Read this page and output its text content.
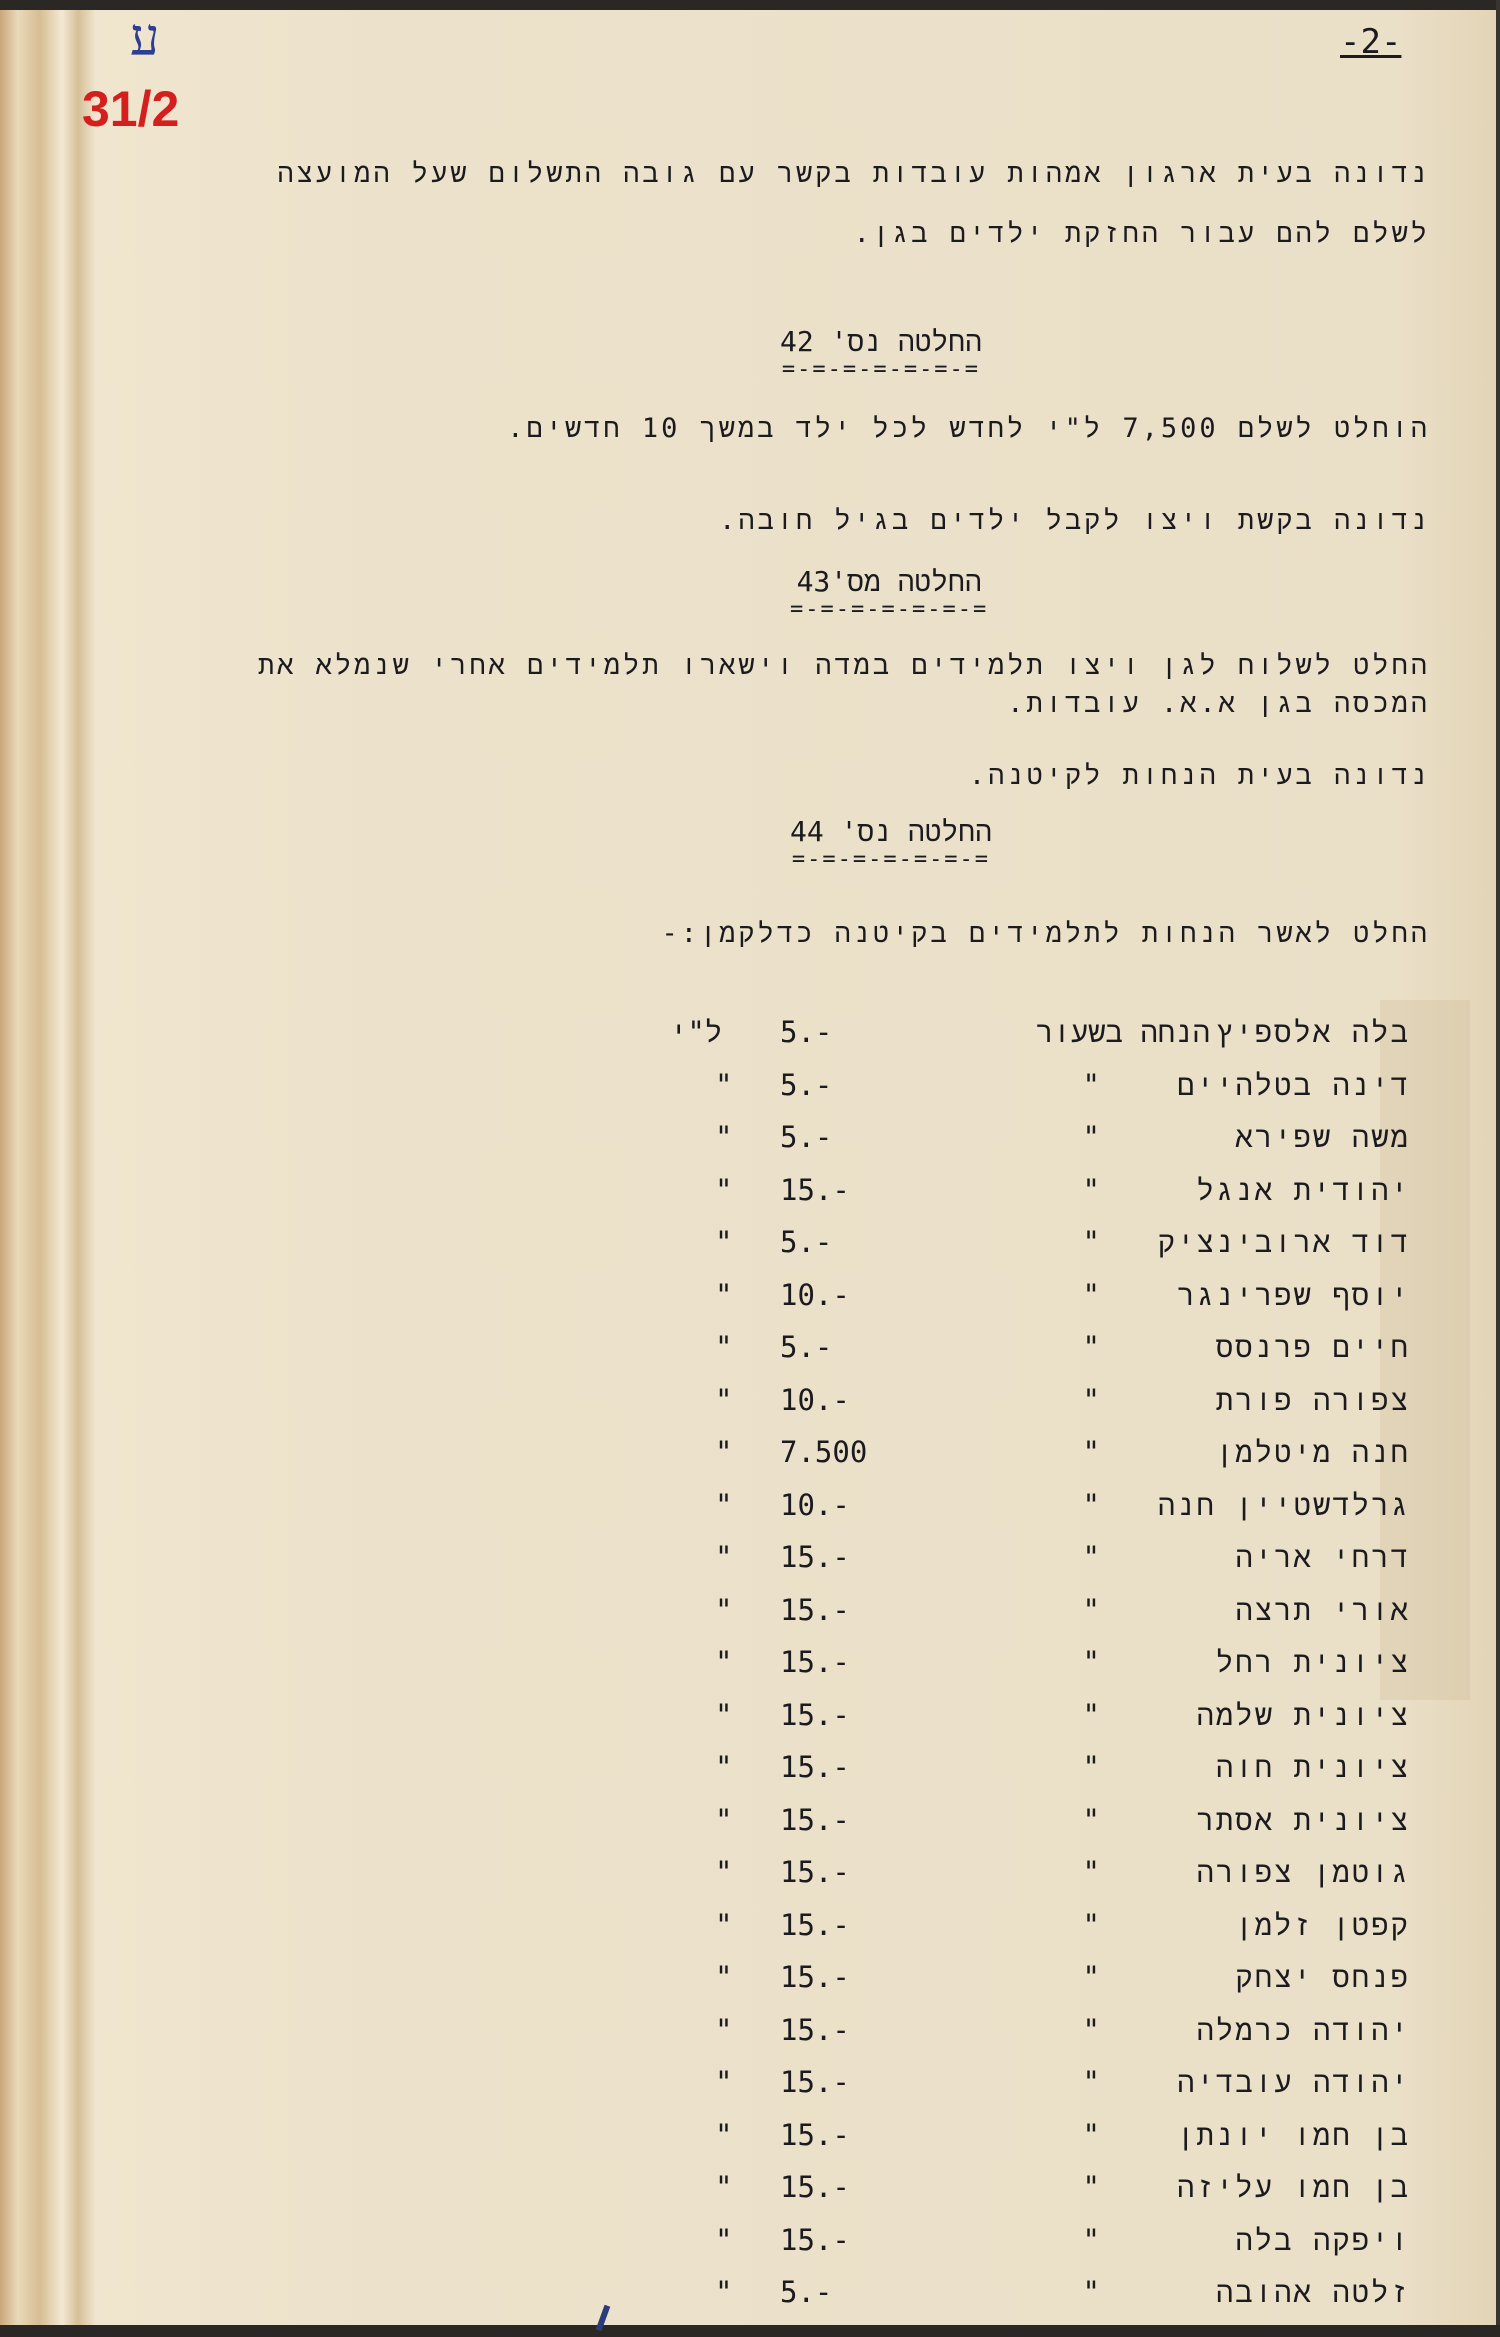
ע
31/2
-2-
נדונה בעית ארגון אמהות עובדות בקשר עם גובה התשלום שעל המועצה
לשלם להם עבור החזקת ילדים בגן.
החלטה נס' 42
=-=-=-=-=-=-=
הוחלט לשלם 7,500 ל"י לחדש לכל ילד במשך 10 חדשים.
נדונה בקשת ויצו לקבל ילדים בגיל חובה.
החלטה מס'43
=-=-=-=-=-=-=
החלט לשלוח לגן ויצו תלמידים במדה וישארו תלמידים אחרי שנמלא את
המכסה בגן א.א. עובדות.
נדונה בעית הנחות לקיטנה.
החלטה נס' 44
=-=-=-=-=-=-=
החלט לאשר הנחות לתלמידים בקיטנה כדלקמן:-
בלה אלספיץ
הנחה בשעור
5.-
ל"י
דינה בטלהיים
"
5.-
"
משה שפירא
"
5.-
"
יהודית אנגל
"
15.-
"
דוד ארובינציק
"
5.-
"
יוסף שפרינגר
"
10.-
"
חיים פרנסס
"
5.-
"
צפורה פורת
"
10.-
"
חנה מיטלמן
"
7.500
"
גרלדשטיין חנה
"
10.-
"
דרחי אריה
"
15.-
"
אורי תרצה
"
15.-
"
ציונית רחל
"
15.-
"
ציונית שלמה
"
15.-
"
ציונית חוה
"
15.-
"
ציונית אסתר
"
15.-
"
גוטמן צפורה
"
15.-
"
קפטן זלמן
"
15.-
"
פנחס יצחק
"
15.-
"
יהודה כרמלה
"
15.-
"
יהודה עובדיה
"
15.-
"
בן חמו יונתן
"
15.-
"
בן חמו עליזה
"
15.-
"
ויפקה בלה
"
15.-
"
זלטה אהובה
"
5.-
"
